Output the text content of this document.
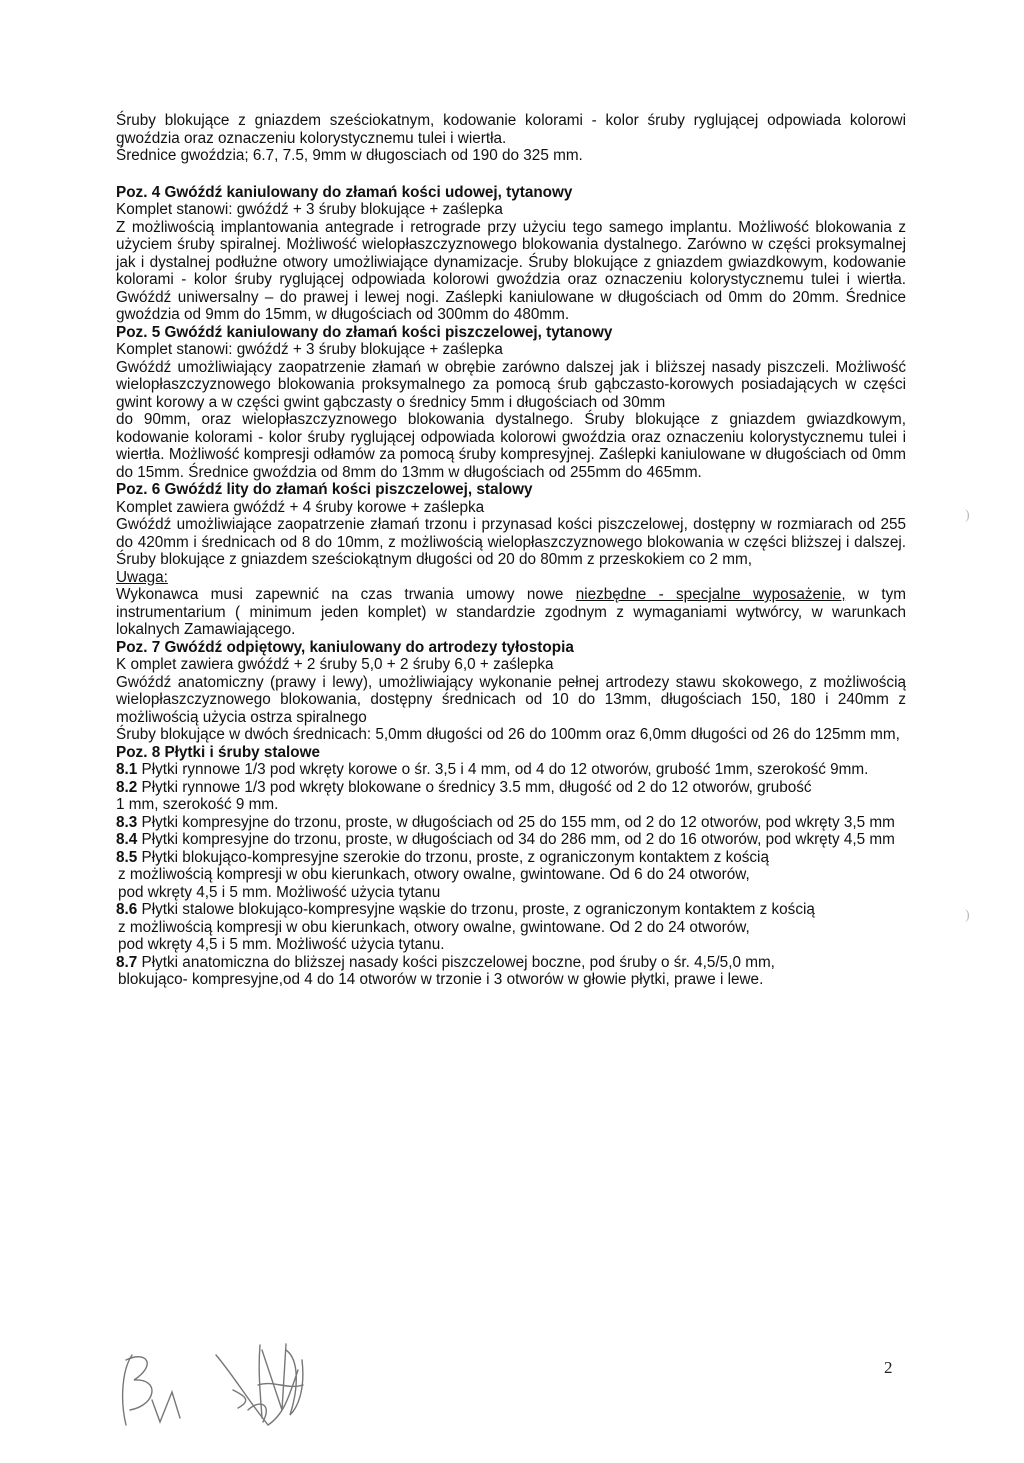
Śruby blokujące z gniazdem sześciokatnym, kodowanie kolorami - kolor śruby ryglującej odpowiada kolorowi gwoździa oraz oznaczeniu kolorystycznemu tulei i wiertła.

Średnice gwoździa; 6.7, 7.5, 9mm w długosciach od 190 do 325 mm.

Poz. 4 Gwóźdź kaniulowany do złamań kości udowej, tytanowy

Komplet stanowi: gwóźdź + 3 śruby blokujące + zaślepka

Z możliwością implantowania antegrade i retrograde przy użyciu tego samego implantu. Możliwość blokowania z użyciem śruby spiralnej. Możliwość wielopłaszczyznowego blokowania dystalnego. Zarówno w części proksymalnej jak i dystalnej podłużne otwory umożliwiające dynamizacje. Śruby blokujące z gniazdem gwiazdkowym, kodowanie kolorami - kolor śruby ryglującej odpowiada kolorowi gwoździa oraz oznaczeniu kolorystycznemu tulei i wiertła. Gwóźdź uniwersalny – do prawej i lewej nogi. Zaślepki kaniulowane w długościach od 0mm do 20mm. Średnice gwoździa od 9mm do 15mm, w długościach od 300mm do 480mm.

Poz. 5 Gwóźdź kaniulowany do złamań kości piszczelowej, tytanowy

Komplet stanowi: gwóźdź + 3 śruby blokujące + zaślepka

Gwóźdź umożliwiający zaopatrzenie złamań w obrębie zarówno dalszej jak i bliższej nasady piszczeli. Możliwość wielopłaszczyznowego blokowania proksymalnego za pomocą śrub gąbczasto-korowych posiadających w części gwint korowy a w części gwint gąbczasty o średnicy 5mm i długościach od 30mm

do 90mm, oraz wielopłaszczyznowego blokowania dystalnego. Śruby blokujące z gniazdem gwiazdkowym, kodowanie kolorami - kolor śruby ryglującej odpowiada kolorowi gwoździa oraz oznaczeniu kolorystycznemu tulei i wiertła. Możliwość kompresji odłamów za pomocą śruby kompresyjnej. Zaślepki kaniulowane w długościach od 0mm do 15mm. Średnice gwoździa od 8mm do 13mm w długościach od 255mm do 465mm.

Poz. 6 Gwóźdź lity do złamań kości piszczelowej, stalowy

Komplet zawiera gwóźdź + 4 śruby korowe + zaślepka

Gwóźdź umożliwiające zaopatrzenie złamań trzonu i przynasad kości piszczelowej, dostępny w rozmiarach od 255 do 420mm i średnicach od 8 do 10mm, z możliwością wielopłaszczyznowego blokowania w części bliższej i dalszej. Śruby blokujące z gniazdem sześciokątnym długości od 20 do 80mm z przeskokiem co 2 mm,

Uwaga:

Wykonawca musi zapewnić na czas trwania umowy nowe niezbędne - specjalne wyposażenie, w tym instrumentarium ( minimum jeden komplet) w standardzie zgodnym z wymaganiami wytwórcy, w warunkach lokalnych Zamawiającego.

Poz. 7 Gwóźdź odpiętowy, kaniulowany do artrodezy tyłostopia

K omplet zawiera gwóźdź + 2 śruby 5,0 + 2 śruby 6,0 + zaślepka

Gwóźdź anatomiczny (prawy i lewy), umożliwiający wykonanie pełnej artrodezy stawu skokowego, z możliwością wielopłaszczyznowego blokowania, dostępny średnicach od 10 do 13mm, długościach 150, 180 i 240mm z możliwością użycia ostrza spiralnego

Śruby blokujące w dwóch średnicach: 5,0mm długości od 26 do 100mm oraz 6,0mm długości od 26 do 125mm mm,

Poz. 8 Płytki i śruby stalowe

8.1 Płytki rynnowe 1/3 pod wkręty korowe o śr. 3,5 i 4 mm, od 4 do 12 otworów, grubość 1mm, szerokość 9mm.

8.2 Płytki rynnowe 1/3 pod wkręty blokowane o średnicy 3.5 mm, długość od 2 do 12 otworów, grubość

1 mm, szerokość 9 mm.

8.3 Płytki kompresyjne do trzonu, proste, w długościach od 25 do 155 mm, od 2 do 12 otworów, pod wkręty 3,5 mm

8.4 Płytki kompresyjne do trzonu, proste, w długościach od 34 do 286 mm, od 2 do 16 otworów, pod wkręty 4,5 mm

8.5 Płytki blokująco-kompresyjne szerokie do trzonu, proste, z ograniczonym kontaktem z kością

z możliwością kompresji w obu kierunkach, otwory owalne, gwintowane. Od 6 do 24 otworów,

pod wkręty 4,5 i 5 mm. Możliwość użycia tytanu

8.6 Płytki stalowe blokująco-kompresyjne wąskie do trzonu, proste, z ograniczonym kontaktem z kością

z możliwością kompresji w obu kierunkach, otwory owalne, gwintowane. Od 2 do 24 otworów,

pod wkręty 4,5 i 5 mm. Możliwość użycia tytanu.

8.7 Płytki anatomiczna do bliższej nasady kości piszczelowej boczne, pod śruby o śr. 4,5/5,0 mm,

blokująco- kompresyjne,od 4 do 14 otworów w trzonie i 3 otworów w głowie płytki, prawe i lewe.

)
)
2
